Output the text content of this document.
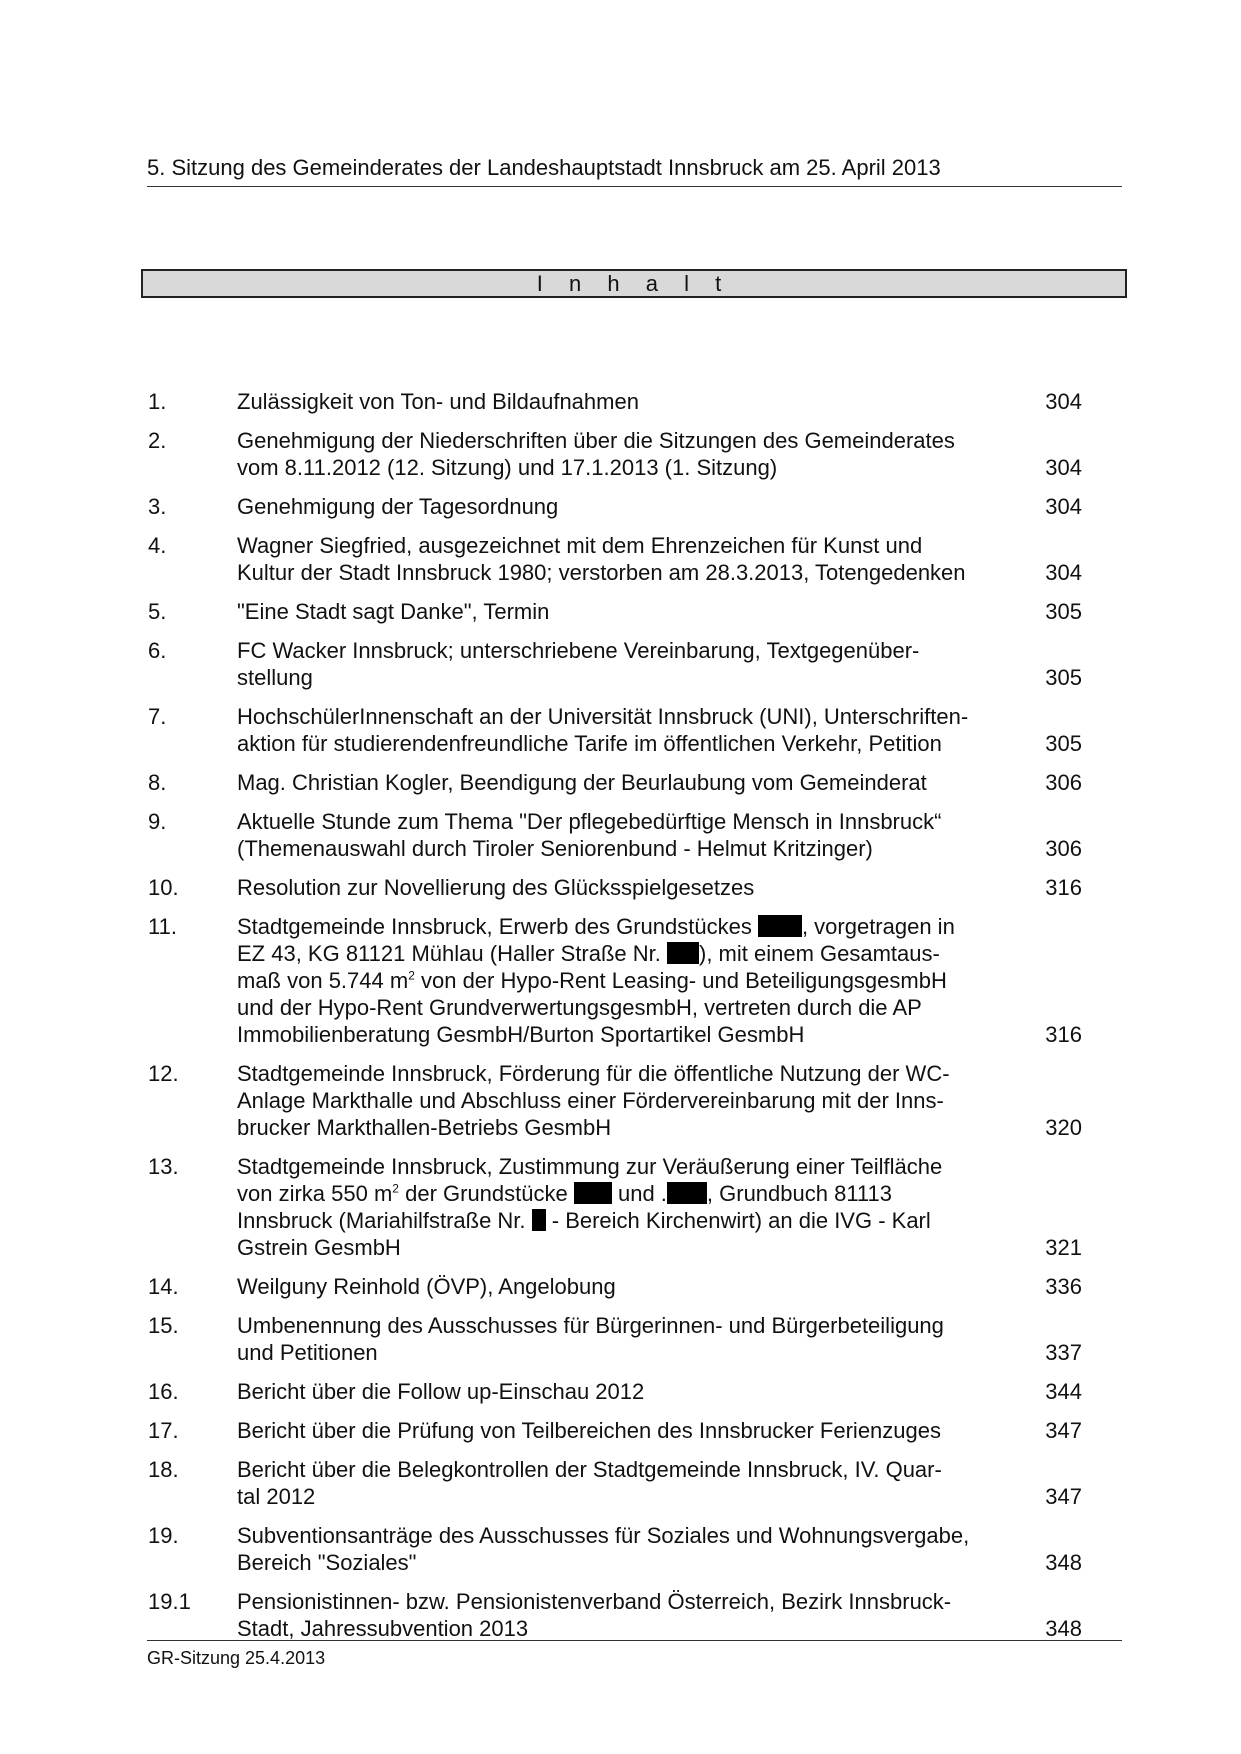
5. Sitzung des Gemeinderates der Landeshauptstadt Innsbruck am 25. April 2013
I n h a l t
1.	Zulässigkeit von Ton- und Bildaufnahmen	304
2.	Genehmigung der Niederschriften über die Sitzungen des Gemeinderates
vom 8.11.2012 (12. Sitzung) und 17.1.2013 (1. Sitzung)	304
3.	Genehmigung der Tagesordnung	304
4.	Wagner Siegfried, ausgezeichnet mit dem Ehrenzeichen für Kunst und
Kultur der Stadt Innsbruck 1980; verstorben am 28.3.2013, Totengedenken	304
5.	"Eine Stadt sagt Danke", Termin	305
6.	FC Wacker Innsbruck; unterschriebene Vereinbarung, Textgegenüber-
stellung	305
7.	HochschülerInnenschaft an der Universität Innsbruck (UNI), Unterschriften-
aktion für studierendenfreundliche Tarife im öffentlichen Verkehr, Petition	305
8.	Mag. Christian Kogler, Beendigung der Beurlaubung vom Gemeinderat	306
9.	Aktuelle Stunde zum Thema "Der pflegebedürftige Mensch in Innsbruck“
(Themenauswahl durch Tiroler Seniorenbund - Helmut Kritzinger)	306
10.	Resolution zur Novellierung des Glücksspielgesetzes	316
11.	Stadtgemeinde Innsbruck, Erwerb des Grundstückes , vorgetragen in
EZ 43, KG 81121 Mühlau (Haller Straße Nr. ), mit einem Gesamtaus-
maß von 5.744 $m^2$ von der Hypo-Rent Leasing- und BeteiligungsgesmbH
und der Hypo-Rent GrundverwertungsgesmbH, vertreten durch die AP
Immobilienberatung GesmbH/Burton Sportartikel GesmbH	316
12.	Stadtgemeinde Innsbruck, Förderung für die öffentliche Nutzung der WC-
Anlage Markthalle und Abschluss einer Fördervereinbarung mit der Inns-
brucker Markthallen-Betriebs GesmbH	320
13.	Stadtgemeinde Innsbruck, Zustimmung zur Veräußerung einer Teilfläche
von zirka 550 $m^2$ der Grundstücke  und . , Grundbuch 81113
Innsbruck (Mariahilfstraße Nr.  - Bereich Kirchenwirt) an die IVG - Karl
Gstrein GesmbH	321
14.	Weilguny Reinhold (ÖVP), Angelobung	336
15.	Umbenennung des Ausschusses für Bürgerinnen- und Bürgerbeteiligung
und Petitionen	337
16.	Bericht über die Follow up-Einschau 2012	344
17.	Bericht über die Prüfung von Teilbereichen des Innsbrucker Ferienzuges	347
18.	Bericht über die Belegkontrollen der Stadtgemeinde Innsbruck, IV. Quar-
tal 2012	347
19.	Subventionsanträge des Ausschusses für Soziales und Wohnungsvergabe,
Bereich "Soziales"	348
19.1	Pensionistinnen- bzw. Pensionistenverband Österreich, Bezirk Innsbruck-
Stadt, Jahressubvention 2013	348
GR-Sitzung 25.4.2013
